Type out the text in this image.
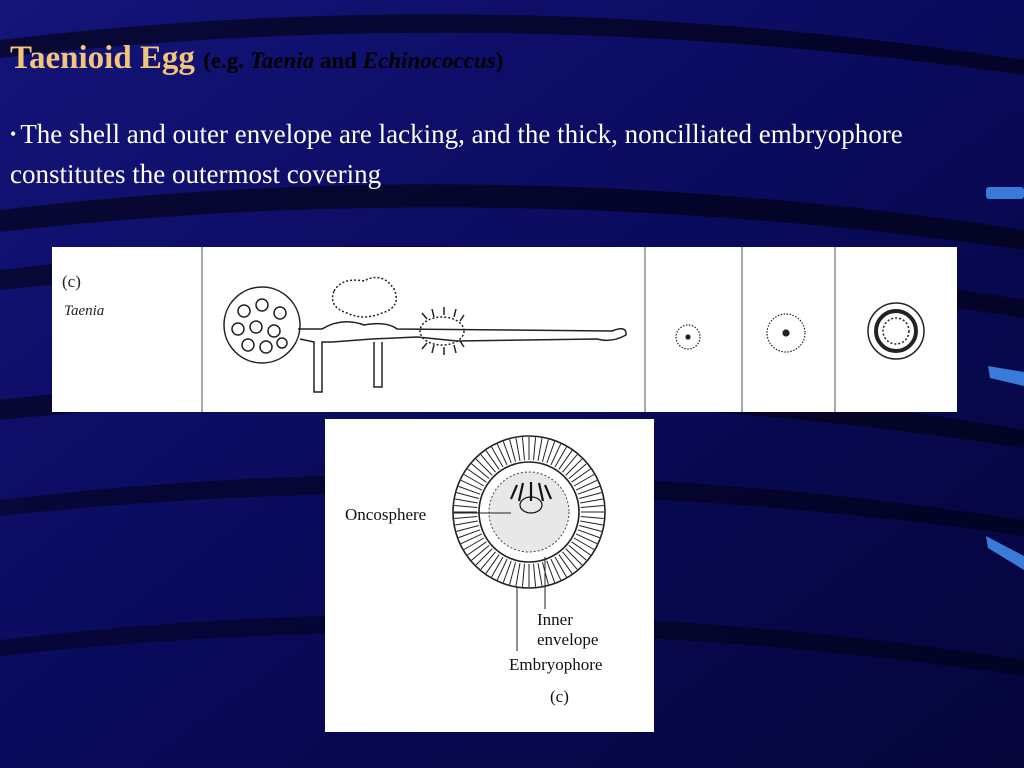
Taenioid Egg (e.g. Taenia and Echinococcus)

• The shell and outer envelope are lacking, and the thick, noncilliated embryophore constitutes the outermost covering

(c)
Taenia
Oncosphere
Inner
envelope
Embryophore
(c)
